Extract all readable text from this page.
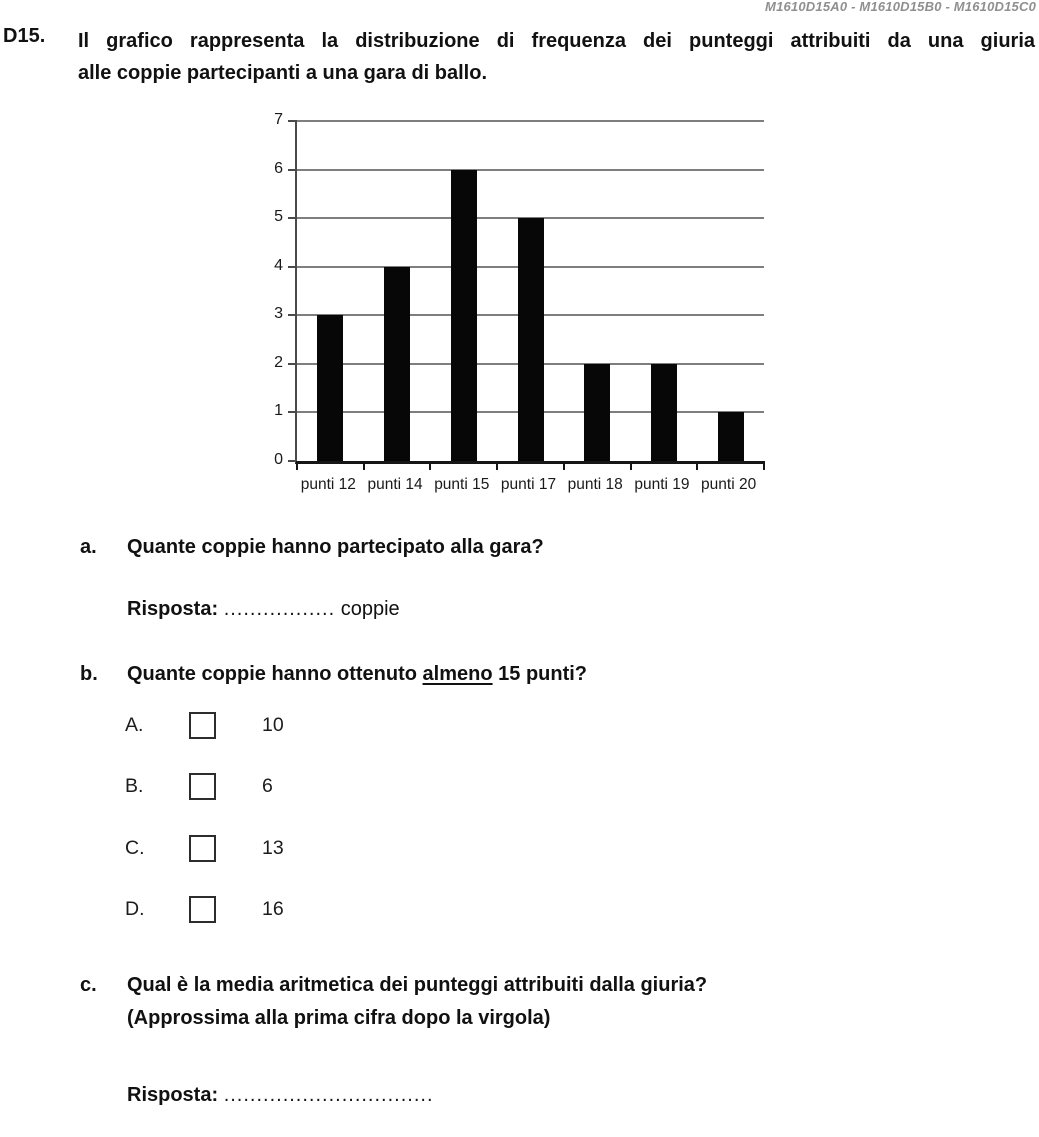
M1610D15A0 - M1610D15B0 - M1610D15C0
D15. Il grafico rappresenta la distribuzione di frequenza dei punteggi attribuiti da una giuria
alle coppie partecipanti a una gara di ballo.
0
1
2
3
4
5
6
7
punti 12 punti 14 punti 15 punti 17 punti 18 punti 19 punti 20
a. Quante coppie hanno partecipato alla gara?
Risposta: ................. coppie
b. Quante coppie hanno ottenuto almeno 15 punti?
A.	10
B.	6
C.	13
D.	16
c. Qual è la media aritmetica dei punteggi attribuiti dalla giuria?
(Approssima alla prima cifra dopo la virgola)
Risposta: ................................
